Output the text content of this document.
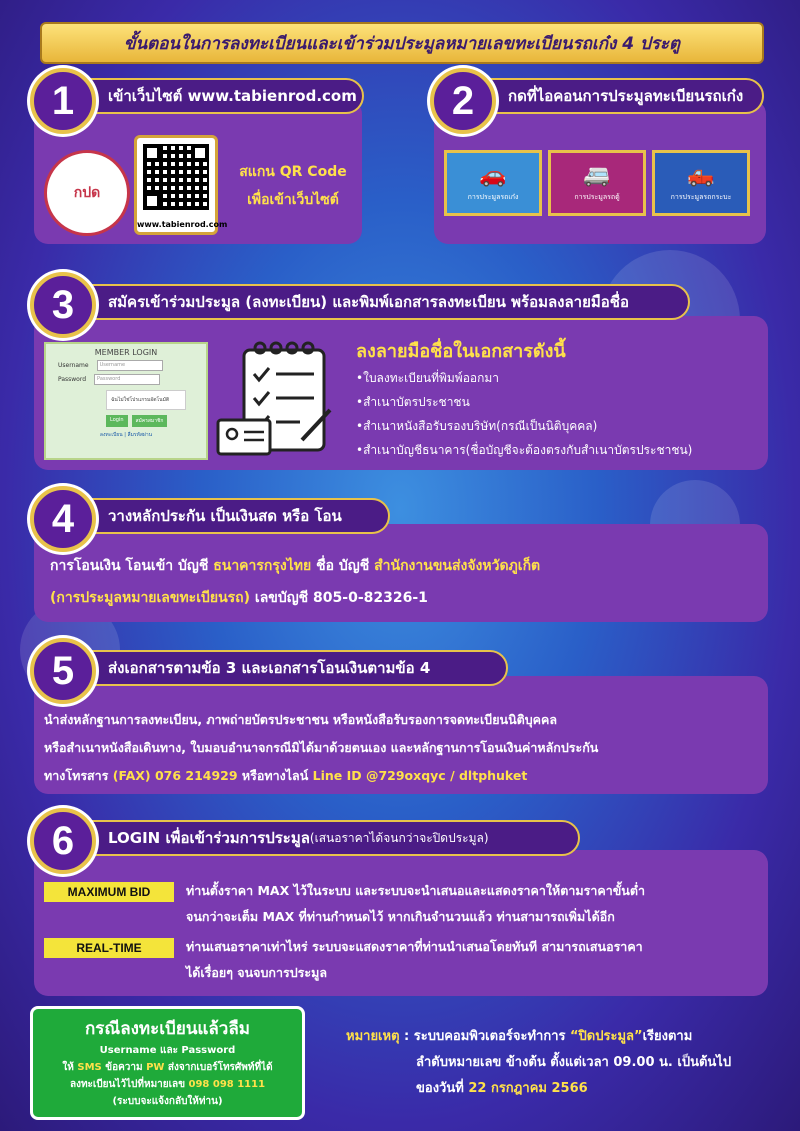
ขั้นตอนในการลงทะเบียนและเข้าร่วมประมูลหมายเลขทะเบียนรถเก๋ง 4 ประตู
เข้าเว็บไซต์ www.tabienrod.com
1
กปด
www.tabienrod.com
สแกน QR Code
เพื่อเข้าเว็บไซต์
กดที่ไอคอนการประมูลทะเบียนรถเก๋ง
2
🚗
การประมูลรถเก๋ง
🚐
การประมูลรถตู้
🛻
การประมูลรถกระบะ
สมัครเข้าร่วมประมูล (ลงทะเบียน) และพิมพ์เอกสารลงทะเบียน พร้อมลงลายมือชื่อ
3
MEMBER LOGIN
Username	Username
Password	Password
ฉันไม่ใช่โปรแกรมอัตโนมัติ
Login	สมัครสมาชิก
ลงทะเบียน | ลืมรหัสผ่าน
ลงลายมือชื่อในเอกสารดังนี้
•ใบลงทะเบียนที่พิมพ์ออกมา
•สำเนาบัตรประชาชน
•สำเนาหนังสือรับรองบริษัท(กรณีเป็นนิติบุคคล)
•สำเนาบัญชีธนาคาร(ชื่อบัญชีจะต้องตรงกับสำเนาบัตรประชาชน)
วางหลักประกัน เป็นเงินสด หรือ โอน
4
การโอนเงิน โอนเข้า บัญชี ธนาคารกรุงไทย ชื่อ บัญชี สำนักงานขนส่งจังหวัดภูเก็ต
(การประมูลหมายเลขทะเบียนรถ) เลขบัญชี 805-0-82326-1
ส่งเอกสารตามข้อ 3 และเอกสารโอนเงินตามข้อ 4
5
นำส่งหลักฐานการลงทะเบียน, ภาพถ่ายบัตรประชาชน หรือหนังสือรับรองการจดทะเบียนนิติบุคคล
หรือสำเนาหนังสือเดินทาง, ใบมอบอำนาจกรณีมิได้มาด้วยตนเอง และหลักฐานการโอนเงินค่าหลักประกัน
ทางโทรสาร (FAX) 076 214929 หรือทางไลน์ Line ID @729oxqyc / dltphuket
LOGIN เพื่อเข้าร่วมการประมูล (เสนอราคาได้จนกว่าจะปิดประมูล)
6
MAXIMUM BID	ท่านตั้งราคา MAX ไว้ในระบบ และระบบจะนำเสนอและแสดงราคาให้ตามราคาขั้นต่ำ
จนกว่าจะเต็ม MAX ที่ท่านกำหนดไว้ หากเกินจำนวนแล้ว ท่านสามารถเพิ่มได้อีก
REAL-TIME	ท่านเสนอราคาเท่าไหร่ ระบบจะแสดงราคาที่ท่านนำเสนอโดยทันที สามารถเสนอราคา
ได้เรื่อยๆ จนจบการประมูล
กรณีลงทะเบียนแล้วลืม
Username และ Password
ให้ SMS ข้อความ PW ส่งจากเบอร์โทรศัพท์ที่ได้
ลงทะเบียนไว้ไปที่หมายเลข 098 098 1111
(ระบบจะแจ้งกลับให้ท่าน)
หมายเหตุ : ระบบคอมพิวเตอร์จะทำการ “ปิดประมูล”เรียงตาม
ลำดับหมายเลข ข้างต้น ตั้งแต่เวลา 09.00 น. เป็นต้นไป
ของวันที่ 22 กรกฎาคม 2566
